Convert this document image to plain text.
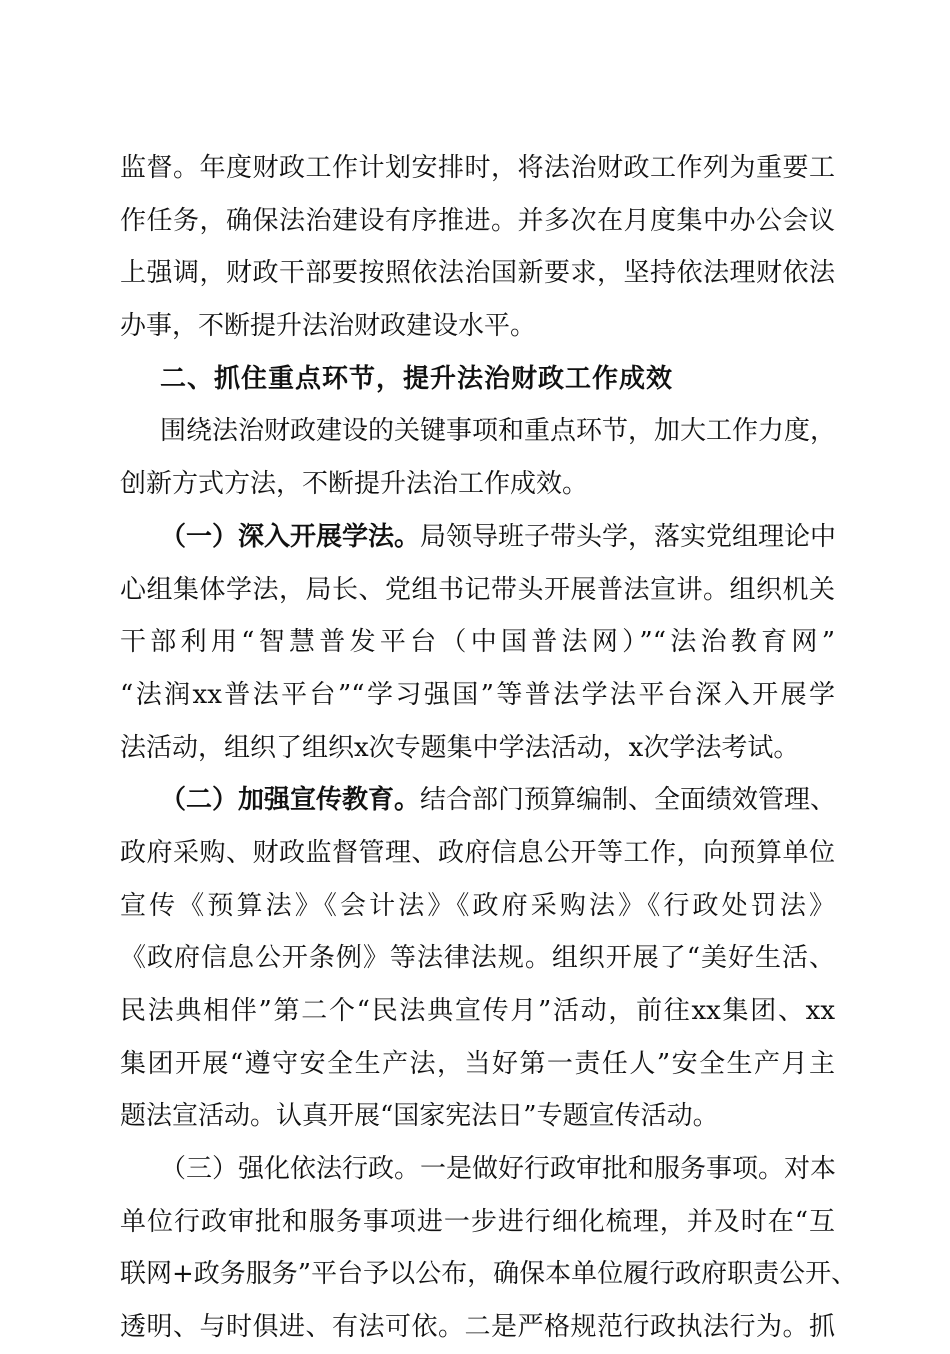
监督。年度财政工作计划安排时，将法治财政工作列为重要工
作任务，确保法治建设有序推进。并多次在月度集中办公会议
上强调，财政干部要按照依法治国新要求，坚持依法理财依法
办事，不断提升法治财政建设水平。
二、抓住重点环节，提升法治财政工作成效
围绕法治财政建设的关键事项和重点环节，加大工作力度，
创新方式方法，不断提升法治工作成效。
（一）深入开展学法。局领导班子带头学，落实党组理论中
心组集体学法，局长、党组书记带头开展普法宣讲。组织机关
干部利用“智慧普发平台（中国普法网）”“法治教育网”
“法润xx普法平台”“学习强国”等普法学法平台深入开展学
法活动，组织了组织x次专题集中学法活动，x次学法考试。
（二）加强宣传教育。结合部门预算编制、全面绩效管理、
政府采购、财政监督管理、政府信息公开等工作，向预算单位
宣传《预算法》《会计法》《政府采购法》《行政处罚法》
《政府信息公开条例》等法律法规。组织开展了“美好生活、
民法典相伴”第二个“民法典宣传月”活动，前往xx集团、xx
集团开展“遵守安全生产法，当好第一责任人”安全生产月主
题法宣活动。认真开展“国家宪法日”专题宣传活动。
（三）强化依法行政。一是做好行政审批和服务事项。对本
单位行政审批和服务事项进一步进行细化梳理，并及时在“互
联网+政务服务”平台予以公布，确保本单位履行政府职责公开、
透明、与时俱进、有法可依。二是严格规范行政执法行为。抓
